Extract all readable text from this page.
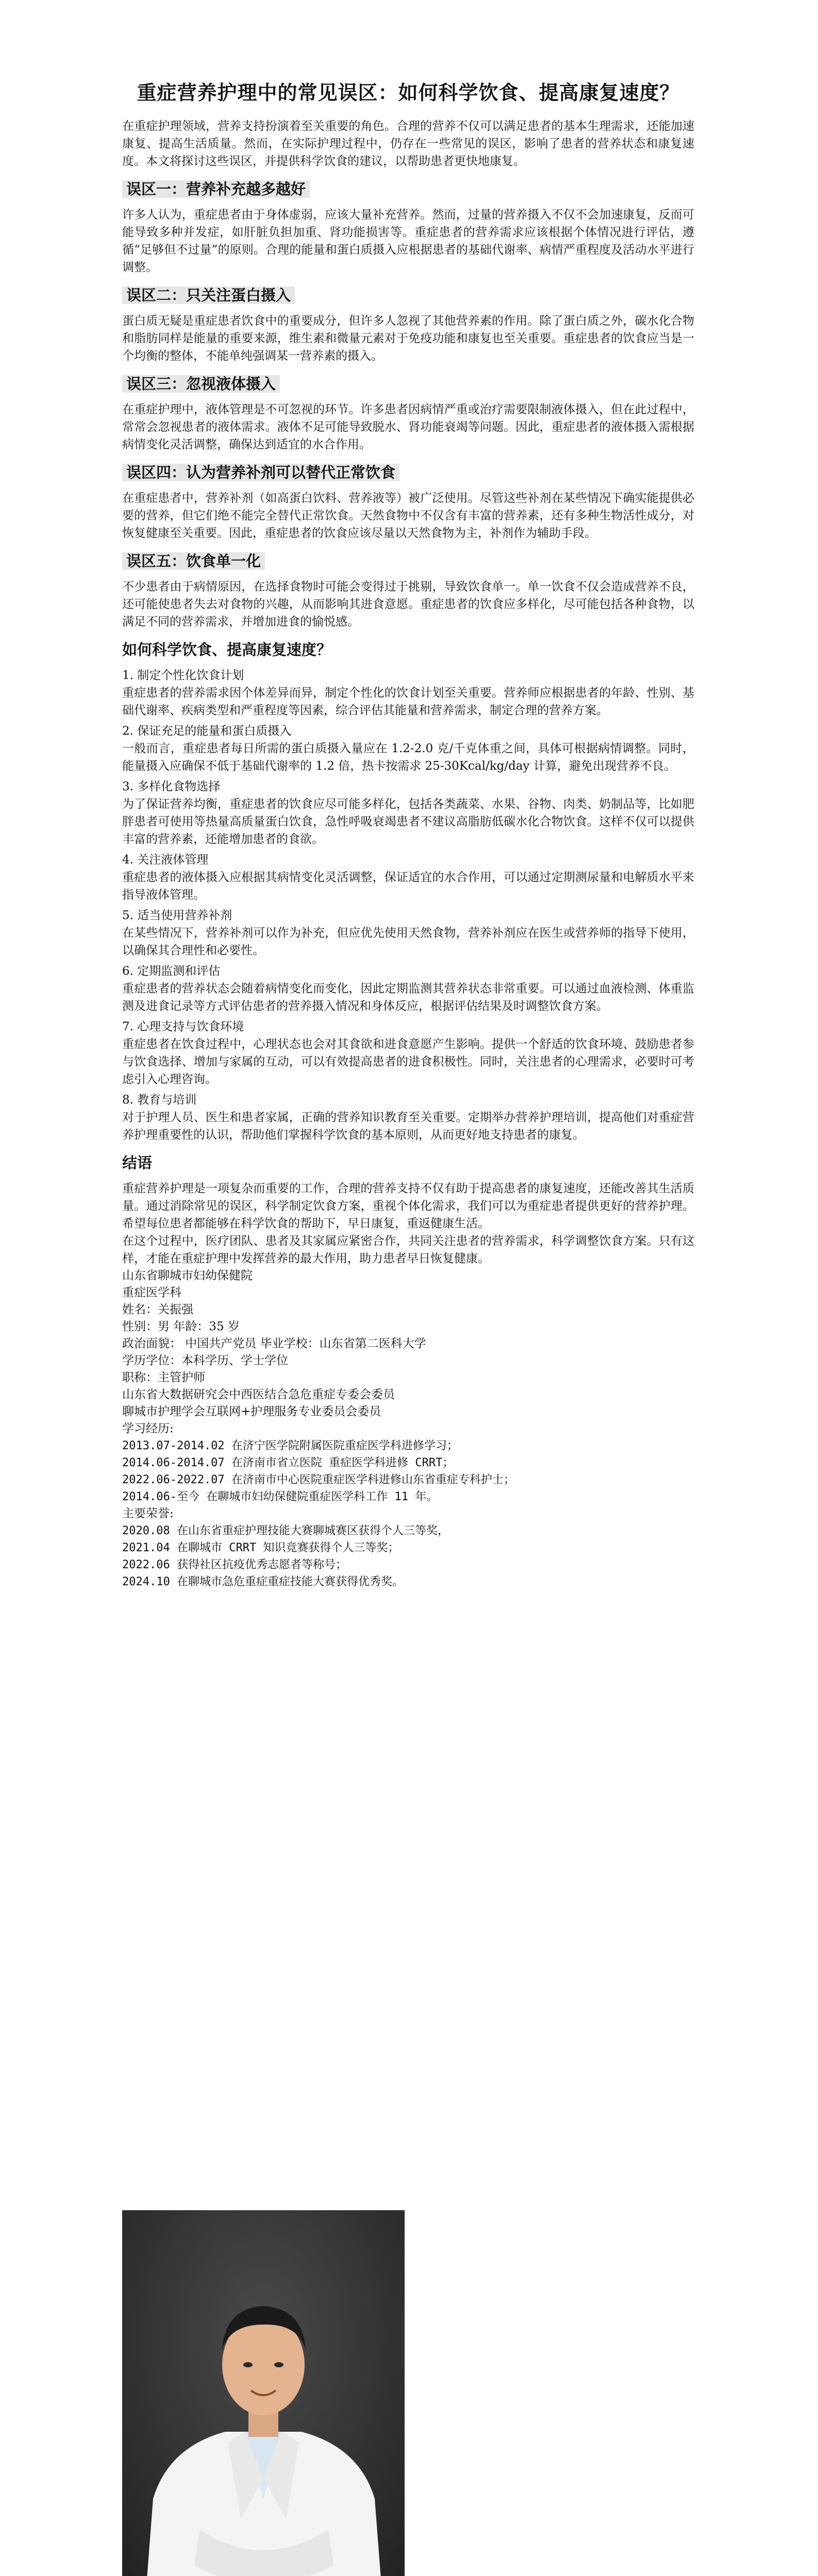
重症营养护理中的常见误区：如何科学饮食、提高康复速度？

在重症护理领域，营养支持扮演着至关重要的角色。合理的营养不仅可以满足患者的基本生理需求，还能加速康复、提高生活质量。然而，在实际护理过程中，仍存在一些常见的误区，影响了患者的营养状态和康复速度。本文将探讨这些误区，并提供科学饮食的建议，以帮助患者更快地康复。

误区一：营养补充越多越好

许多人认为，重症患者由于身体虚弱，应该大量补充营养。然而，过量的营养摄入不仅不会加速康复，反而可能导致多种并发症，如肝脏负担加重、肾功能损害等。重症患者的营养需求应该根据个体情况进行评估，遵循“足够但不过量”的原则。合理的能量和蛋白质摄入应根据患者的基础代谢率、病情严重程度及活动水平进行调整。

误区二：只关注蛋白摄入

蛋白质无疑是重症患者饮食中的重要成分，但许多人忽视了其他营养素的作用。除了蛋白质之外，碳水化合物和脂肪同样是能量的重要来源，维生素和微量元素对于免疫功能和康复也至关重要。重症患者的饮食应当是一个均衡的整体，不能单纯强调某一营养素的摄入。

误区三：忽视液体摄入

在重症护理中，液体管理是不可忽视的环节。许多患者因病情严重或治疗需要限制液体摄入，但在此过程中，常常会忽视患者的液体需求。液体不足可能导致脱水、肾功能衰竭等问题。因此，重症患者的液体摄入需根据病情变化灵活调整，确保达到适宜的水合作用。

误区四：认为营养补剂可以替代正常饮食

在重症患者中，营养补剂（如高蛋白饮料、营养液等）被广泛使用。尽管这些补剂在某些情况下确实能提供必要的营养，但它们绝不能完全替代正常饮食。天然食物中不仅含有丰富的营养素，还有多种生物活性成分，对恢复健康至关重要。因此，重症患者的饮食应该尽量以天然食物为主，补剂作为辅助手段。

误区五：饮食单一化

不少患者由于病情原因，在选择食物时可能会变得过于挑剔，导致饮食单一。单一饮食不仅会造成营养不良，还可能使患者失去对食物的兴趣，从而影响其进食意愿。重症患者的饮食应多样化，尽可能包括各种食物，以满足不同的营养需求，并增加进食的愉悦感。

如何科学饮食、提高康复速度？

1. 制定个性化饮食计划

重症患者的营养需求因个体差异而异，制定个性化的饮食计划至关重要。营养师应根据患者的年龄、性别、基础代谢率、疾病类型和严重程度等因素，综合评估其能量和营养需求，制定合理的营养方案。

2. 保证充足的能量和蛋白质摄入

一般而言，重症患者每日所需的蛋白质摄入量应在 1.2-2.0 克/千克体重之间，具体可根据病情调整。同时，能量摄入应确保不低于基础代谢率的 1.2 倍，热卡按需求 25-30Kcal/kg/day 计算，避免出现营养不良。

3. 多样化食物选择

为了保证营养均衡，重症患者的饮食应尽可能多样化，包括各类蔬菜、水果、谷物、肉类、奶制品等，比如肥胖患者可使用等热量高质量蛋白饮食，急性呼吸衰竭患者不建议高脂肪低碳水化合物饮食。这样不仅可以提供丰富的营养素，还能增加患者的食欲。

4. 关注液体管理

重症患者的液体摄入应根据其病情变化灵活调整，保证适宜的水合作用，可以通过定期测尿量和电解质水平来指导液体管理。

5. 适当使用营养补剂

在某些情况下，营养补剂可以作为补充，但应优先使用天然食物，营养补剂应在医生或营养师的指导下使用，以确保其合理性和必要性。

6. 定期监测和评估

重症患者的营养状态会随着病情变化而变化，因此定期监测其营养状态非常重要。可以通过血液检测、体重监测及进食记录等方式评估患者的营养摄入情况和身体反应，根据评估结果及时调整饮食方案。

7. 心理支持与饮食环境

重症患者在饮食过程中，心理状态也会对其食欲和进食意愿产生影响。提供一个舒适的饮食环境、鼓励患者参与饮食选择、增加与家属的互动，可以有效提高患者的进食积极性。同时，关注患者的心理需求，必要时可考虑引入心理咨询。

8. 教育与培训

对于护理人员、医生和患者家属，正确的营养知识教育至关重要。定期举办营养护理培训，提高他们对重症营养护理重要性的认识，帮助他们掌握科学饮食的基本原则，从而更好地支持患者的康复。

结语

重症营养护理是一项复杂而重要的工作，合理的营养支持不仅有助于提高患者的康复速度，还能改善其生活质量。通过消除常见的误区，科学制定饮食方案，重视个体化需求，我们可以为重症患者提供更好的营养护理。希望每位患者都能够在科学饮食的帮助下，早日康复，重返健康生活。

在这个过程中，医疗团队、患者及其家属应紧密合作，共同关注患者的营养需求，科学调整饮食方案。只有这样，才能在重症护理中发挥营养的最大作用，助力患者早日恢复健康。

山东省聊城市妇幼保健院

重症医学科

姓名：关振强

性别：男 年龄：35 岁

政治面貌： 中国共产党员 毕业学校：山东省第二医科大学

学历学位：本科学历、学士学位

职称：主管护师

山东省大数据研究会中西医结合急危重症专委会委员

聊城市护理学会互联网+护理服务专业委员会委员

学习经历:

2013.07-2014.02 在济宁医学院附属医院重症医学科进修学习；

2014.06-2014.07 在济南市省立医院 重症医学科进修 CRRT；

2022.06-2022.07 在济南市中心医院重症医学科进修山东省重症专科护士；

2014.06-至今 在聊城市妇幼保健院重症医学科工作 11 年。

主要荣誉:

2020.08 在山东省重症护理技能大赛聊城赛区获得个人三等奖，

2021.04 在聊城市 CRRT 知识竞赛获得个人三等奖；

2022.06 获得社区抗疫优秀志愿者等称号；

2024.10 在聊城市急危重症重症技能大赛获得优秀奖。
